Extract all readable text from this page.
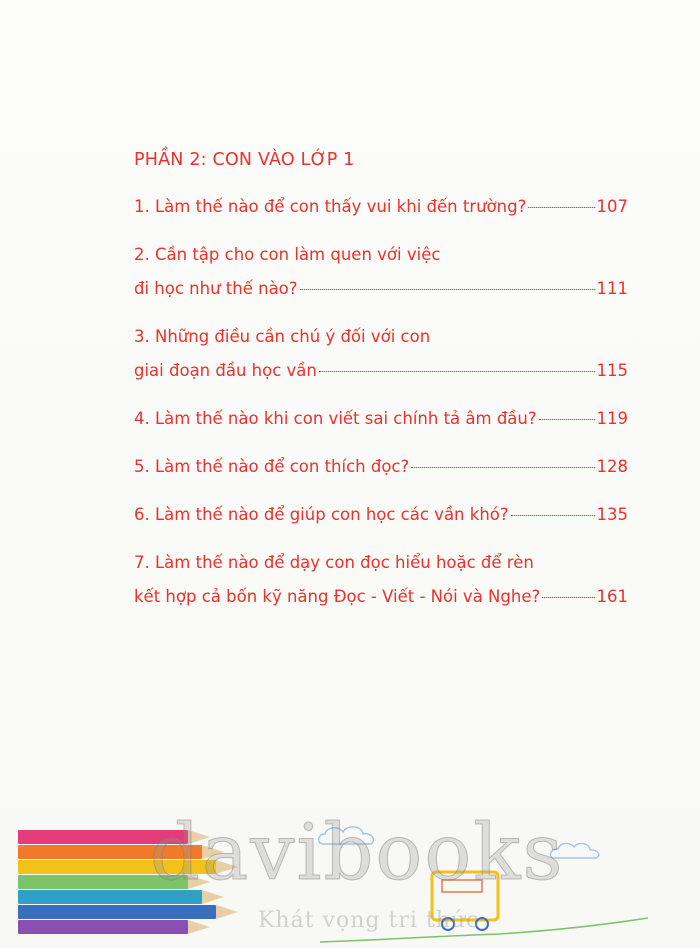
PHẦN 2: CON VÀO LỚP 1
1. Làm thế nào để con thấy vui khi đến trường?	107
2. Cần tập cho con làm quen với việc
đi học như thế nào?	111
3. Những điều cần chú ý đối với con
giai đoạn đầu học vần	115
4. Làm thế nào khi con viết sai chính tả âm đầu?	119
5. Làm thế nào để con thích đọc?	128
6. Làm thế nào để giúp con học các vần khó?	135
7. Làm thế nào để dạy con đọc hiểu hoặc để rèn
kết hợp cả bốn kỹ năng Đọc - Viết - Nói và Nghe?	161
davibooks
Khát vọng tri thức
